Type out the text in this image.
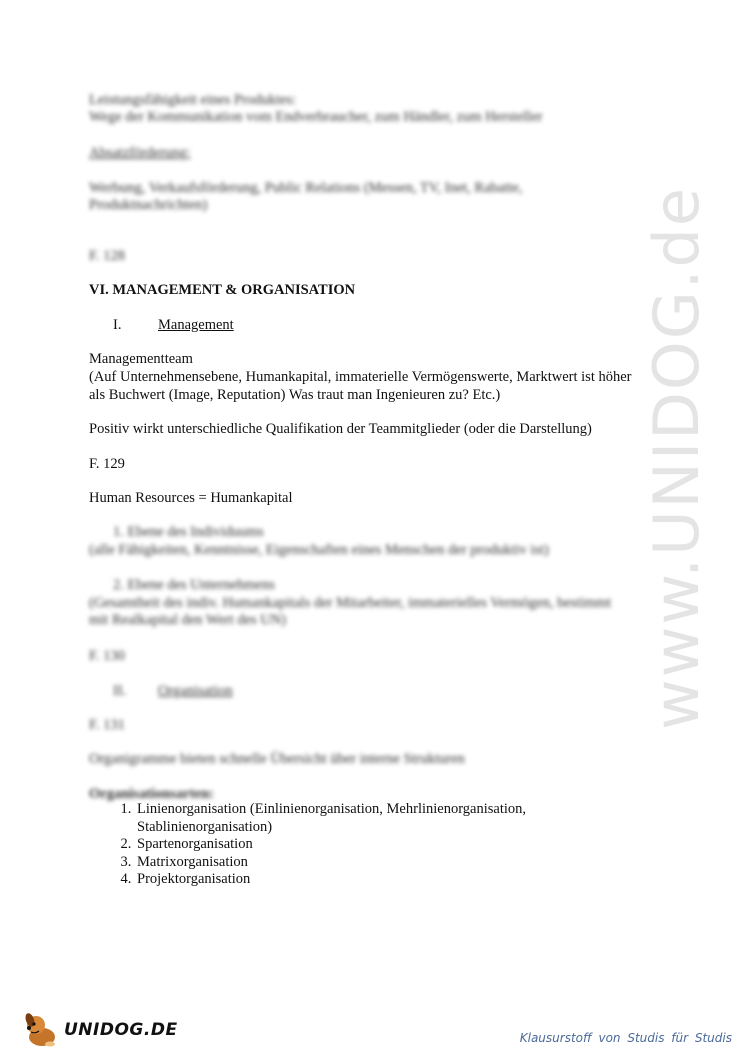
www.UNIDOG.de
Leistungsfähigkeit eines Produktes:
Wege der Kommunikation vom Endverbraucher, zum Händler, zum Hersteller
Absatzförderung:
Werbung, Verkaufsförderung, Public Relations (Messen, TV, Inet, Rabatte,
Produktnachrichten)
F. 128
VI. MANAGEMENT & ORGANISATION
I.	Management
Managementteam
(Auf Unternehmensebene, Humankapital, immaterielle Vermögenswerte, Marktwert ist höher
als Buchwert (Image, Reputation) Was traut man Ingenieuren zu? Etc.)
Positiv wirkt unterschiedliche Qualifikation der Teammitglieder (oder die Darstellung)
F. 129
Human Resources = Humankapital
1. Ebene des Individuums
(alle Fähigkeiten, Kenntnisse, Eigenschaften eines Menschen der produktiv ist)
2. Ebene des Unternehmens
(Gesamtheit des indiv. Humankapitals der Mitarbeiter, immaterielles Vermögen, bestimmt
mit Realkapital den Wert des UN)
F. 130
II. Organisation
F. 131
Organigramme bieten schnelle Übersicht über interne Strukturen
Organisationsarten:
1. Linienorganisation (Einlinienorganisation, Mehrlinienorganisation,
Stablinienorganisation)
2. Spartenorganisation
3. Matrixorganisation
4. Projektorganisation
UNIDOG.DE	Klausurstoff von Studis für Studis
